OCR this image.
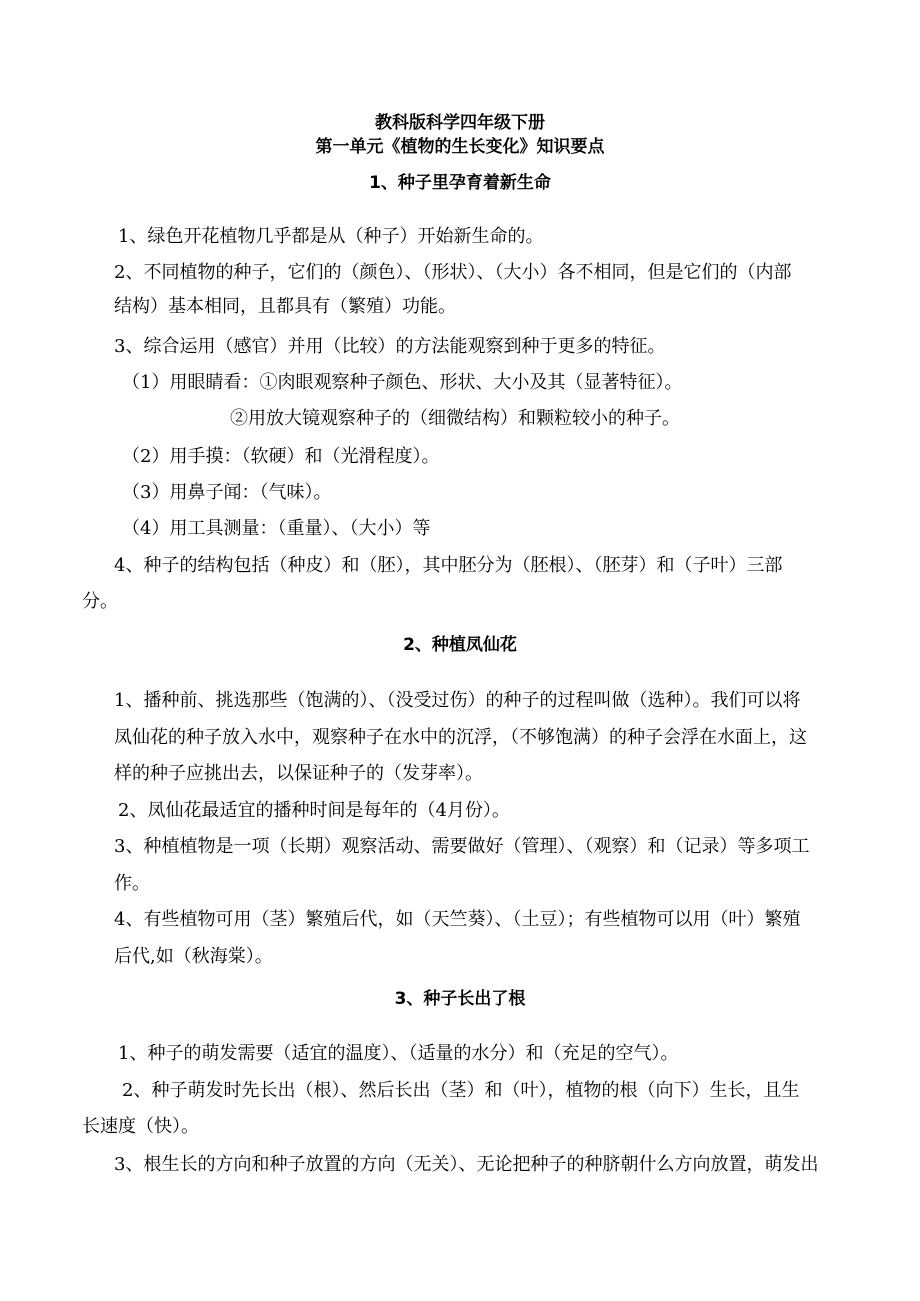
教科版科学四年级下册
第一单元《植物的生长变化》知识要点
1、种子里孕育着新生命
1、绿色开花植物几乎都是从（种子）开始新生命的。
2、不同植物的种子，它们的（颜色）、（形状）、（大小）各不相同，但是它们的（内部
结构）基本相同，且都具有（繁殖）功能。
3、综合运用（感官）并用（比较）的方法能观察到种于更多的特征。
（1）用眼睛看：①肉眼观察种子颜色、形状、大小及其（显著特征）。
②用放大镜观察种子的（细微结构）和颗粒较小的种子。
（2）用手摸：（软硬）和（光滑程度）。
（3）用鼻子闻：（气味）。
（4）用工具测量：（重量）、（大小）等
4、种子的结构包括（种皮）和（胚），其中胚分为（胚根）、（胚芽）和（子叶）三部
分。
2、种植凤仙花
1、播种前、挑选那些（饱满的）、（没受过伤）的种子的过程叫做（选种）。我们可以将
凤仙花的种子放入水中，观察种子在水中的沉浮，（不够饱满）的种子会浮在水面上，这
样的种子应挑出去，以保证种子的（发芽率）。
2、凤仙花最适宜的播种时间是每年的（4月份）。
3、种植植物是一项（长期）观察活动、需要做好（管理）、（观察）和（记录）等多项工
作。
4、有些植物可用（茎）繁殖后代，如（天竺葵）、（土豆）；有些植物可以用（叶）繁殖
后代,如（秋海棠）。
3、种子长出了根
1、种子的萌发需要（适宜的温度）、（适量的水分）和（充足的空气）。
2、种子萌发时先长出（根）、然后长出（茎）和（叶），植物的根（向下）生长，且生
长速度（快）。
3、根生长的方向和种子放置的方向（无关）、无论把种子的种脐朝什么方向放置，萌发出
